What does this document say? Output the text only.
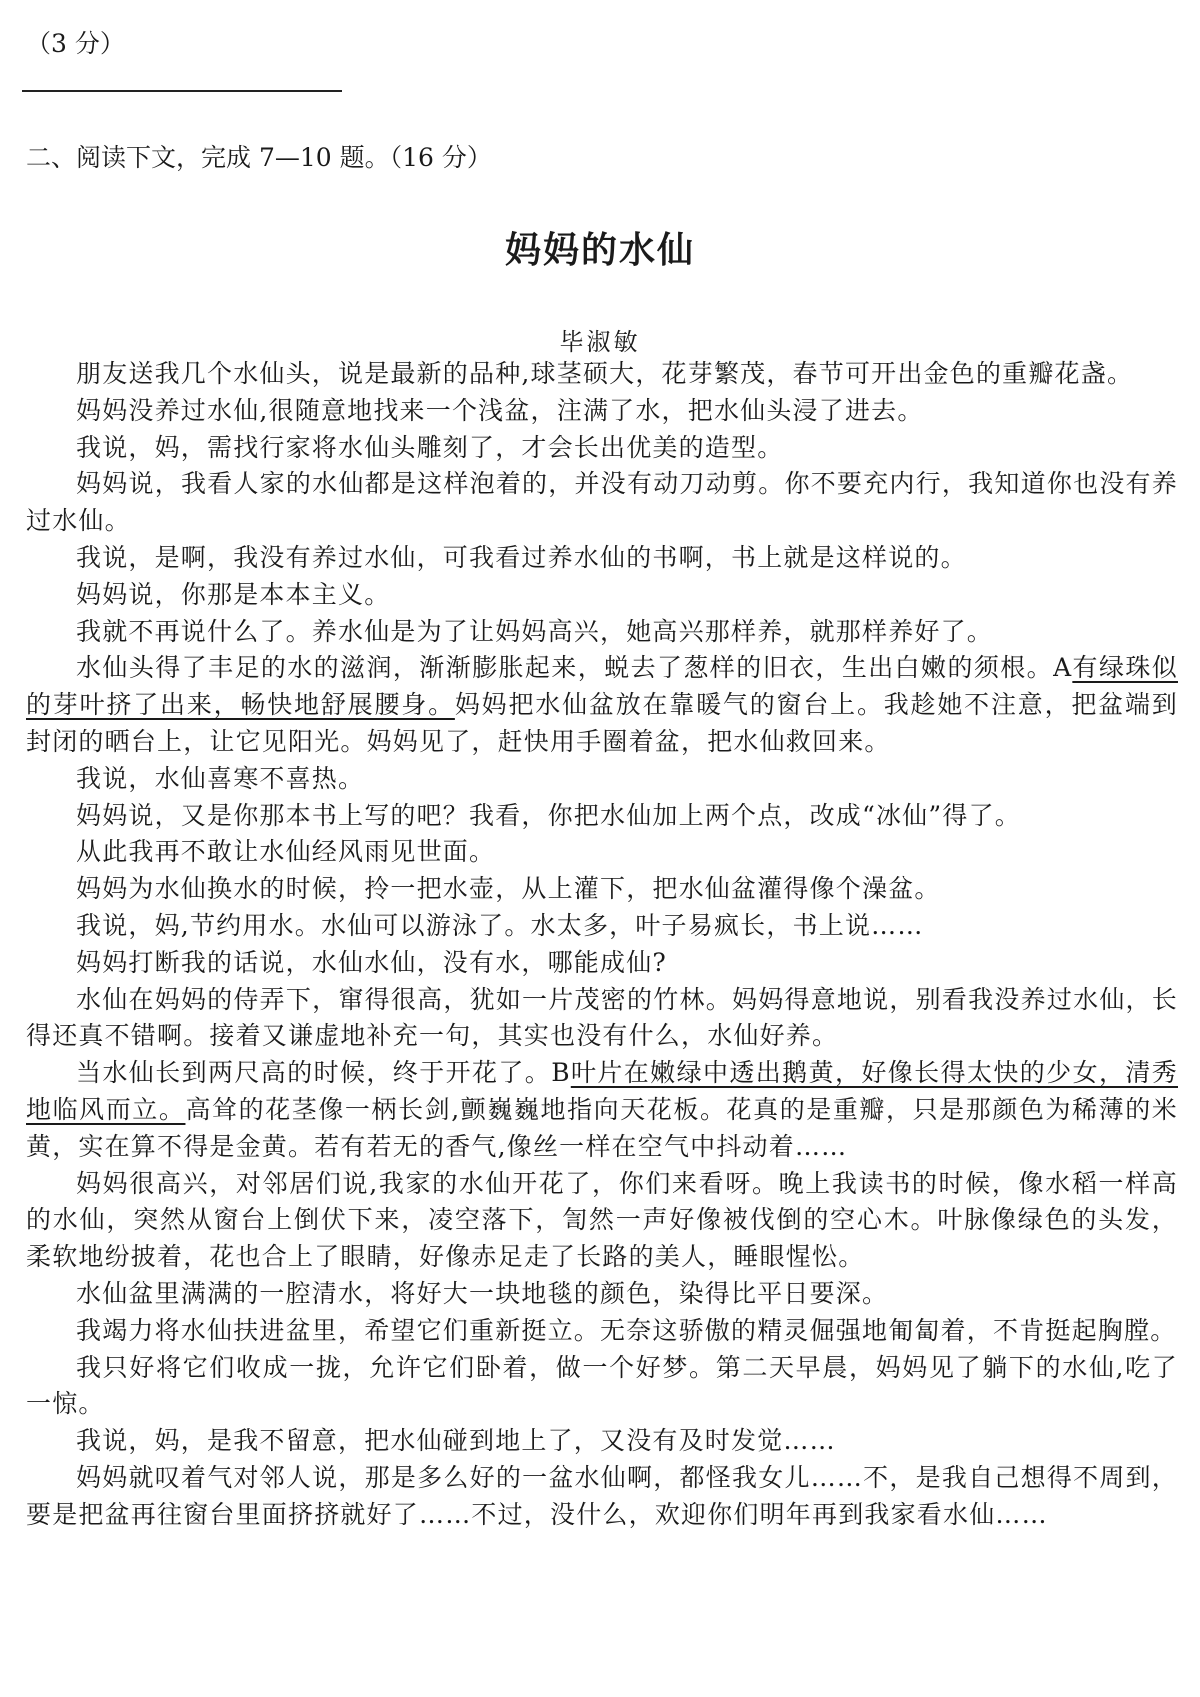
（3 分）
二、阅读下文，完成 7—10 题。（16 分）
妈妈的水仙
毕淑敏

朋友送我几个水仙头，说是最新的品种,球茎硕大，花芽繁茂，春节可开出金色的重瓣花盏。

妈妈没养过水仙,很随意地找来一个浅盆，注满了水，把水仙头浸了进去。

我说，妈，需找行家将水仙头雕刻了，才会长出优美的造型。

妈妈说，我看人家的水仙都是这样泡着的，并没有动刀动剪。你不要充内行，我知道你也没有养过水仙。

我说，是啊，我没有养过水仙，可我看过养水仙的书啊，书上就是这样说的。

妈妈说，你那是本本主义。

我就不再说什么了。养水仙是为了让妈妈高兴，她高兴那样养，就那样养好了。

水仙头得了丰足的水的滋润，渐渐膨胀起来，蜕去了葱样的旧衣，生出白嫩的须根。A有绿珠似的芽叶挤了出来，畅快地舒展腰身。妈妈把水仙盆放在靠暖气的窗台上。我趁她不注意，把盆端到封闭的晒台上，让它见阳光。妈妈见了，赶快用手圈着盆，把水仙救回来。

我说，水仙喜寒不喜热。

妈妈说，又是你那本书上写的吧？我看，你把水仙加上两个点，改成“冰仙”得了。

从此我再不敢让水仙经风雨见世面。

妈妈为水仙换水的时候，拎一把水壶，从上灌下，把水仙盆灌得像个澡盆。

我说，妈,节约用水。水仙可以游泳了。水太多，叶子易疯长，书上说……

妈妈打断我的话说，水仙水仙，没有水，哪能成仙?

水仙在妈妈的侍弄下，窜得很高，犹如一片茂密的竹林。妈妈得意地说，别看我没养过水仙，长得还真不错啊。接着又谦虚地补充一句，其实也没有什么，水仙好养。

当水仙长到两尺高的时候，终于开花了。B叶片在嫩绿中透出鹅黄，好像长得太快的少女，清秀地临风而立。高耸的花茎像一柄长剑,颤巍巍地指向天花板。花真的是重瓣，只是那颜色为稀薄的米黄，实在算不得是金黄。若有若无的香气,像丝一样在空气中抖动着……

妈妈很高兴，对邻居们说,我家的水仙开花了，你们来看呀。晚上我读书的时候，像水稻一样高的水仙，突然从窗台上倒伏下来，凌空落下，訇然一声好像被伐倒的空心木。叶脉像绿色的头发，柔软地纷披着，花也合上了眼睛，好像赤足走了长路的美人，睡眼惺忪。

水仙盆里满满的一腔清水，将好大一块地毯的颜色，染得比平日要深。

我竭力将水仙扶进盆里，希望它们重新挺立。无奈这骄傲的精灵倔强地匍匐着，不肯挺起胸膛。

我只好将它们收成一拢，允许它们卧着，做一个好梦。第二天早晨，妈妈见了躺下的水仙,吃了一惊。

我说，妈，是我不留意，把水仙碰到地上了，又没有及时发觉……

妈妈就叹着气对邻人说，那是多么好的一盆水仙啊，都怪我女儿……不，是我自己想得不周到，要是把盆再往窗台里面挤挤就好了……不过，没什么，欢迎你们明年再到我家看水仙……
